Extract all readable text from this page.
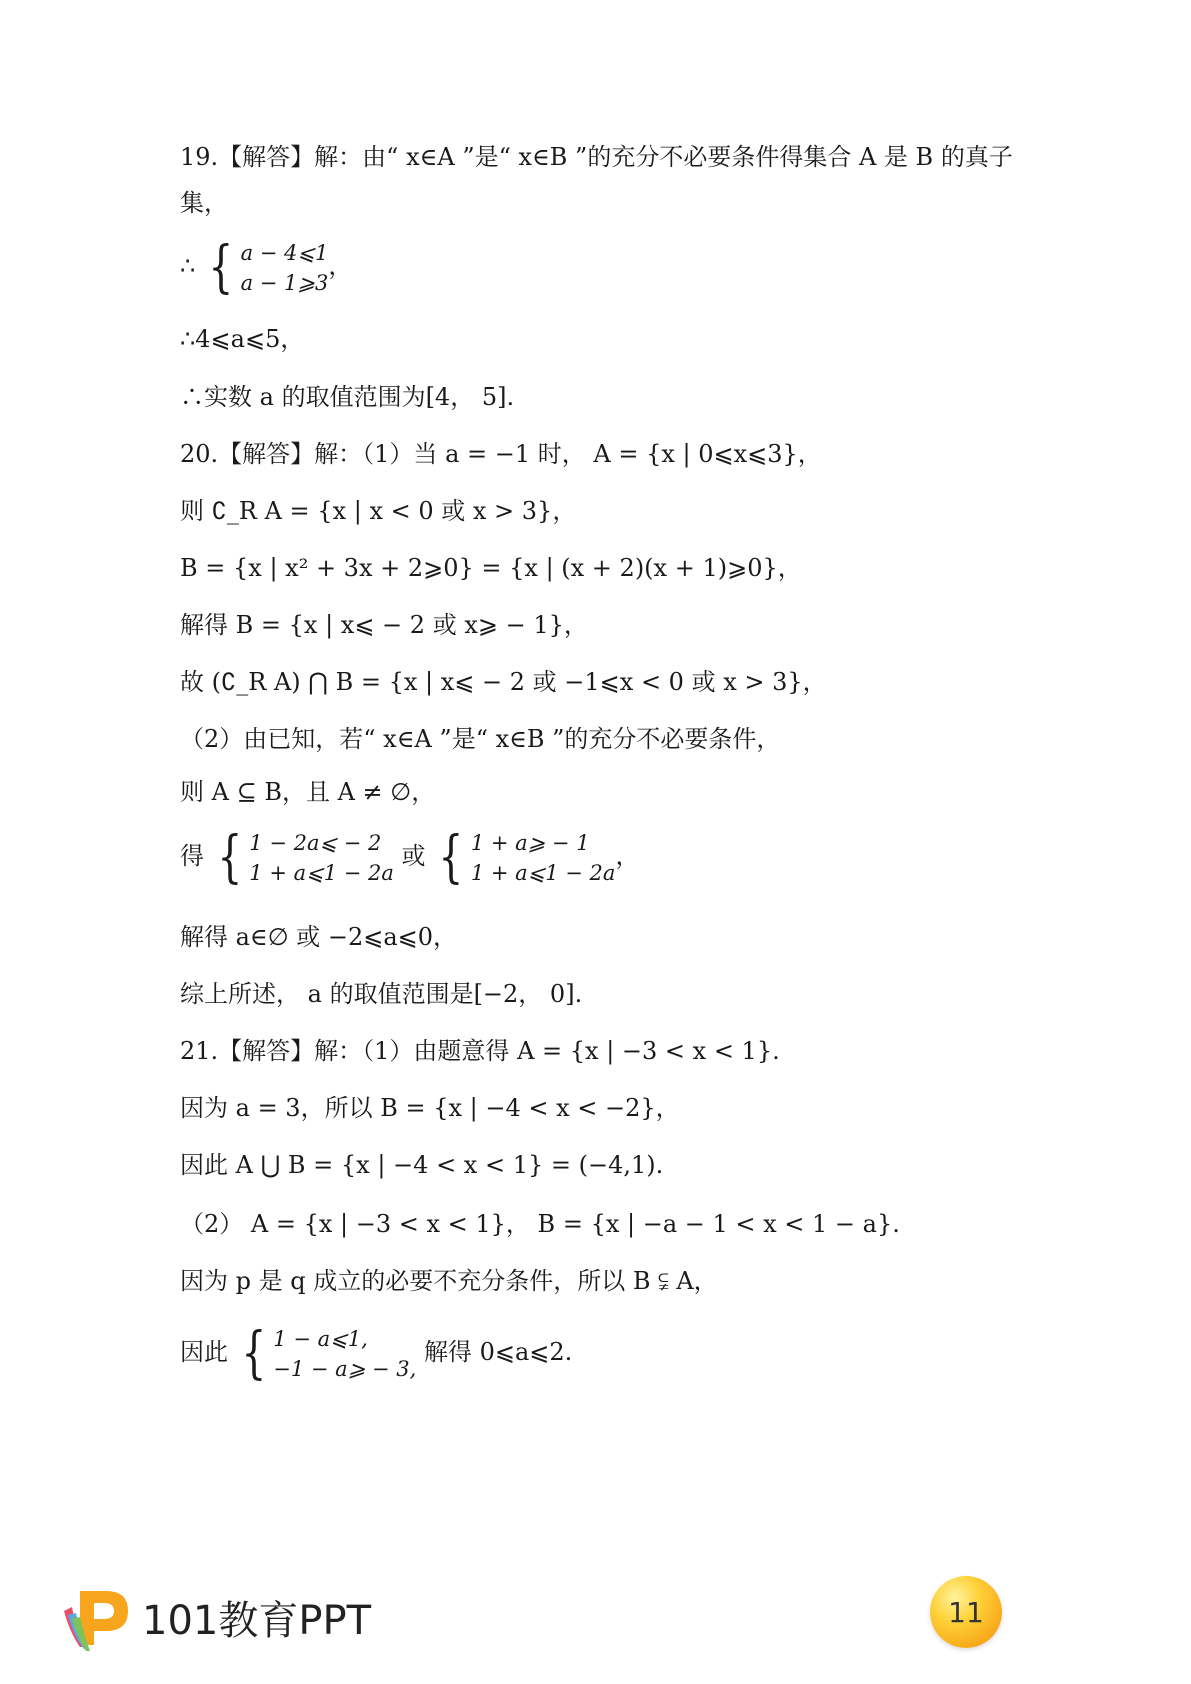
19.【解答】解：由“ x∈A ”是“ x∈B ”的充分不必要条件得集合 A 是 B 的真子
集，
∴ { a − 4⩽1
a − 1⩾3
，
∴4⩽a⩽5，
∴实数 a 的取值范围为[4， 5].
20.【解答】解：（1）当 a = −1 时， A = {x | 0⩽x⩽3}，
则 ∁_R A = {x | x < 0 或 x > 3}，
B = {x | x² + 3x + 2⩾0} = {x | (x + 2)(x + 1)⩾0}，
解得 B = {x | x⩽ − 2 或 x⩾ − 1}，
故 (∁_R A) ⋂ B = {x | x⩽ − 2 或 −1⩽x < 0 或 x > 3}，
（2）由已知，若“ x∈A ”是“ x∈B ”的充分不必要条件，
则 A ⊆ B，且 A ≠ ∅，
得 { 1 − 2a⩽ − 2
1 + a⩽1 − 2a
或 { 1 + a⩾ − 1
1 + a⩽1 − 2a
，
解得 a∈∅ 或 −2⩽a⩽0，
综上所述， a 的取值范围是[−2， 0].
21.【解答】解：（1）由题意得 A = {x | −3 < x < 1}.
因为 a = 3，所以 B = {x | −4 < x < −2}，
因此 A ⋃ B = {x | −4 < x < 1} = (−4,1).
（2） A = {x | −3 < x < 1}， B = {x | −a − 1 < x < 1 − a}.
因为 p 是 q 成立的必要不充分条件，所以 B ⫋ A，
因此 { 1 − a⩽1,
−1 − a⩾ − 3,
解得 0⩽a⩽2.
101教育PPT	11
